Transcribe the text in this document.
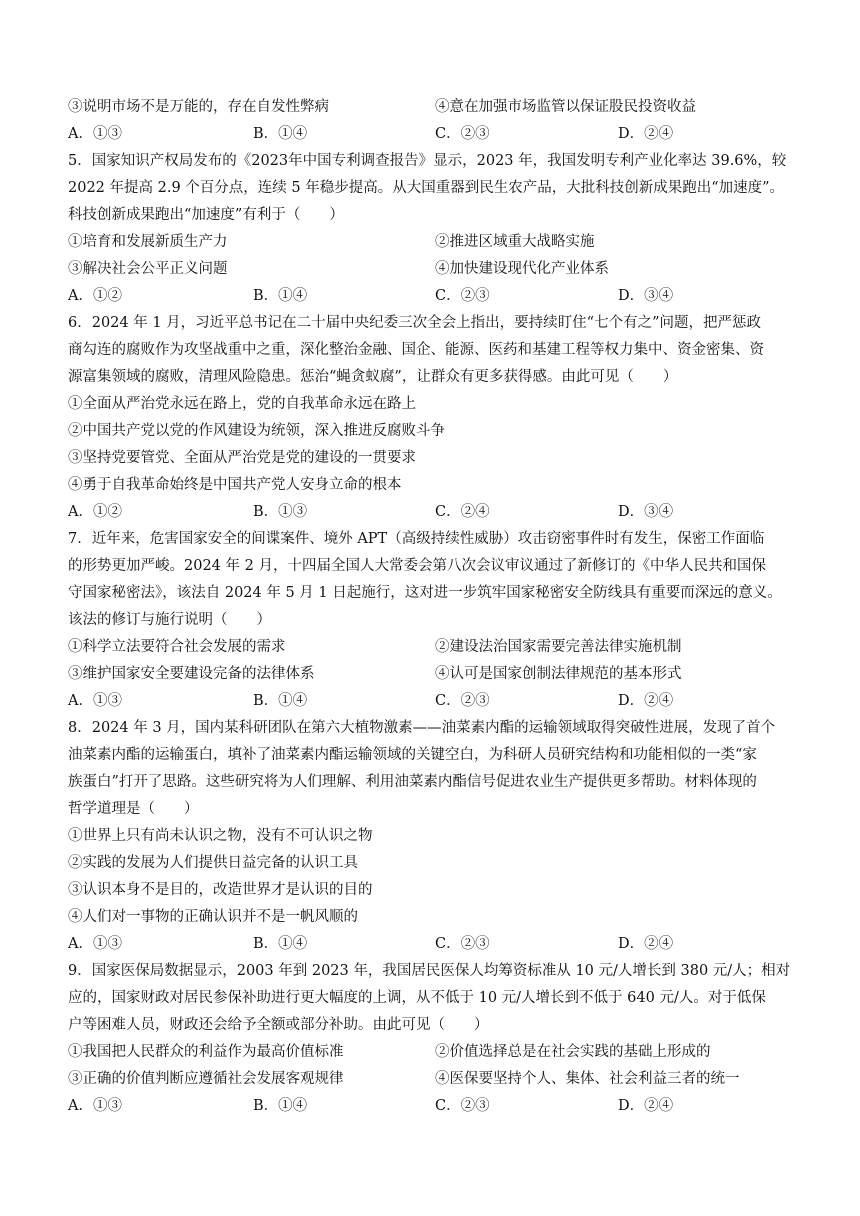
③说明市场不是万能的，存在自发性弊病	④意在加强市场监管以保证股民投资收益
A．①③	B．①④	C．②③	D．②④
5．国家知识产权局发布的《2023年中国专利调查报告》显示，2023 年，我国发明专利产业化率达 39.6%，较
2022 年提高 2.9 个百分点，连续 5 年稳步提高。从大国重器到民生农产品，大批科技创新成果跑出“加速度”。
科技创新成果跑出“加速度”有利于（　　）
①培育和发展新质生产力	②推进区域重大战略实施
③解决社会公平正义问题	④加快建设现代化产业体系
A．①②	B．①④	C．②③	D．③④
6．2024 年 1 月，习近平总书记在二十届中央纪委三次全会上指出，要持续盯住“七个有之”问题，把严惩政
商勾连的腐败作为攻坚战重中之重，深化整治金融、国企、能源、医药和基建工程等权力集中、资金密集、资
源富集领域的腐败，清理风险隐患。惩治“蝇贪蚁腐”，让群众有更多获得感。由此可见（　　）
①全面从严治党永远在路上，党的自我革命永远在路上
②中国共产党以党的作风建设为统领，深入推进反腐败斗争
③坚持党要管党、全面从严治党是党的建设的一贯要求
④勇于自我革命始终是中国共产党人安身立命的根本
A．①②	B．①③	C．②④	D．③④
7．近年来，危害国家安全的间谍案件、境外 APT（高级持续性威胁）攻击窃密事件时有发生，保密工作面临
的形势更加严峻。2024 年 2 月，十四届全国人大常委会第八次会议审议通过了新修订的《中华人民共和国保
守国家秘密法》，该法自 2024 年 5 月 1 日起施行，这对进一步筑牢国家秘密安全防线具有重要而深远的意义。
该法的修订与施行说明（　　）
①科学立法要符合社会发展的需求	②建设法治国家需要完善法律实施机制
③维护国家安全要建设完备的法律体系	④认可是国家创制法律规范的基本形式
A．①③	B．①④	C．②③	D．②④
8．2024 年 3 月，国内某科研团队在第六大植物激素——油菜素内酯的运输领域取得突破性进展，发现了首个
油菜素内酯的运输蛋白，填补了油菜素内酯运输领域的关键空白，为科研人员研究结构和功能相似的一类“家
族蛋白”打开了思路。这些研究将为人们理解、利用油菜素内酯信号促进农业生产提供更多帮助。材料体现的
哲学道理是（　　）
①世界上只有尚未认识之物，没有不可认识之物
②实践的发展为人们提供日益完备的认识工具
③认识本身不是目的，改造世界才是认识的目的
④人们对一事物的正确认识并不是一帆风顺的
A．①③	B．①④	C．②③	D．②④
9．国家医保局数据显示，2003 年到 2023 年，我国居民医保人均筹资标准从 10 元/人增长到 380 元/人；相对
应的，国家财政对居民参保补助进行更大幅度的上调，从不低于 10 元/人增长到不低于 640 元/人。对于低保
户等困难人员，财政还会给予全额或部分补助。由此可见（　　）
①我国把人民群众的利益作为最高价值标准	②价值选择总是在社会实践的基础上形成的
③正确的价值判断应遵循社会发展客观规律	④医保要坚持个人、集体、社会利益三者的统一
A．①③	B．①④	C．②③	D．②④
